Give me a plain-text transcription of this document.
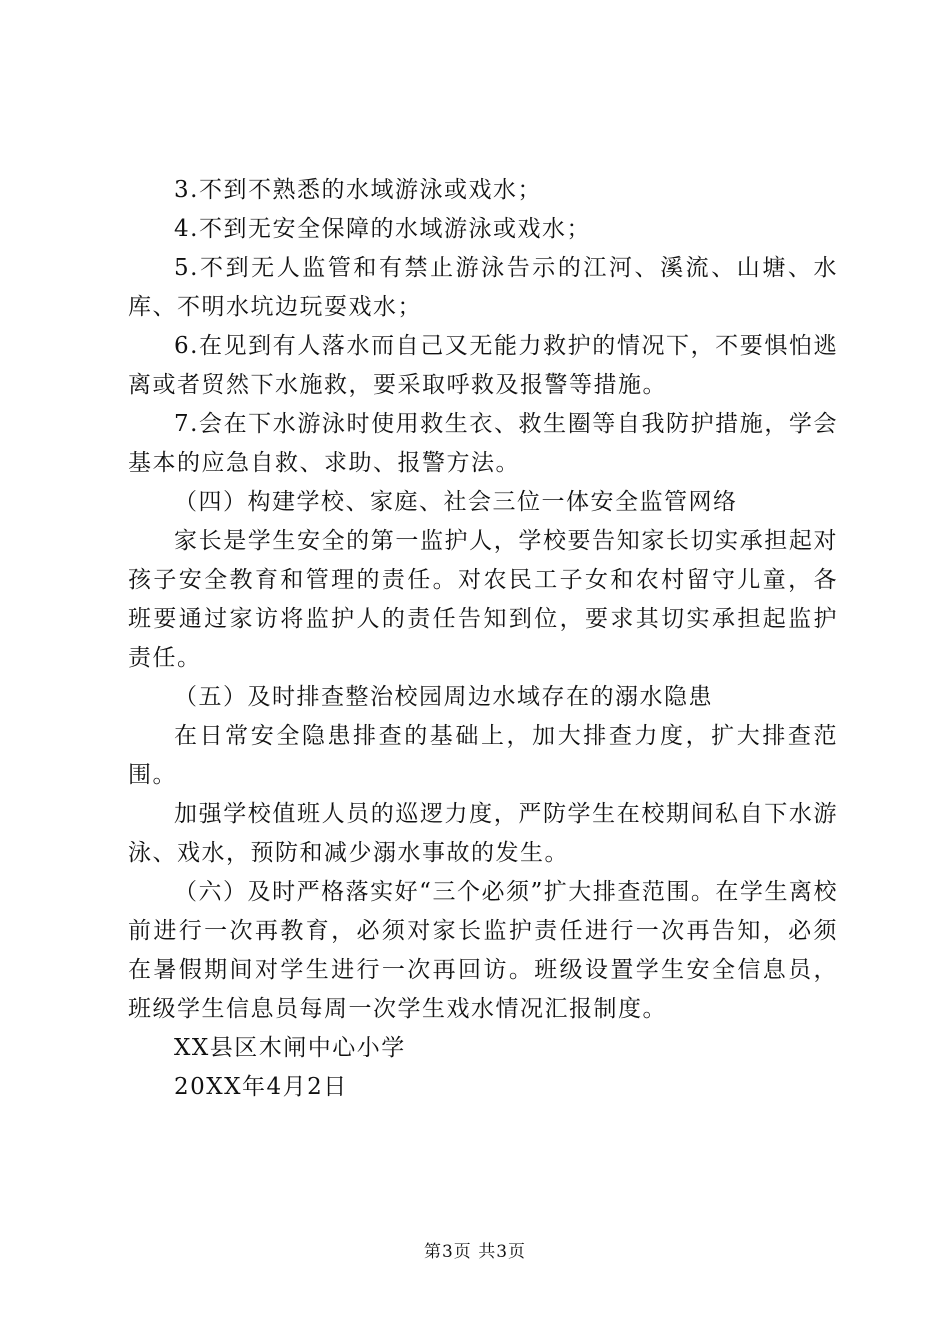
3.不到不熟悉的水域游泳或戏水；

4.不到无安全保障的水域游泳或戏水；

5.不到无人监管和有禁止游泳告示的江河、溪流、山塘、水库、不明水坑边玩耍戏水；

6.在见到有人落水而自己又无能力救护的情况下，不要惧怕逃离或者贸然下水施救，要采取呼救及报警等措施。

7.会在下水游泳时使用救生衣、救生圈等自我防护措施，学会基本的应急自救、求助、报警方法。

（四）构建学校、家庭、社会三位一体安全监管网络

家长是学生安全的第一监护人，学校要告知家长切实承担起对孩子安全教育和管理的责任。对农民工子女和农村留守儿童，各班要通过家访将监护人的责任告知到位，要求其切实承担起监护责任。

（五）及时排查整治校园周边水域存在的溺水隐患

在日常安全隐患排查的基础上，加大排查力度，扩大排查范围。

加强学校值班人员的巡逻力度，严防学生在校期间私自下水游泳、戏水，预防和减少溺水事故的发生。

（六）及时严格落实好“三个必须”扩大排查范围。在学生离校前进行一次再教育，必须对家长监护责任进行一次再告知，必须在暑假期间对学生进行一次再回访。班级设置学生安全信息员，班级学生信息员每周一次学生戏水情况汇报制度。

XX县区木闸中心小学

20XX年4月2日

第3页 共3页
